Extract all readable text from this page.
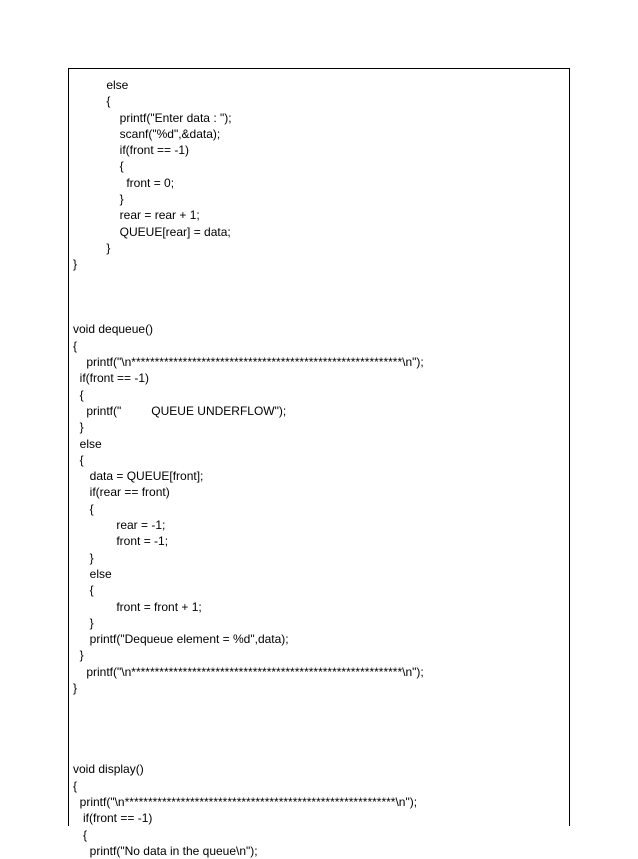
else
{
printf("Enter data : ");
scanf("%d",&data);
if(front == -1)
{
front = 0;
}
rear = rear + 1;
QUEUE[rear] = data;
}
}
void dequeue()
{
printf("\n**********************************************************\n");
if(front == -1)
{
printf("         QUEUE UNDERFLOW");
}
else
{
data = QUEUE[front];
if(rear == front)
{
rear = -1;
front = -1;
}
else
{
front = front + 1;
}
printf("Dequeue element = %d",data);
}
printf("\n**********************************************************\n");
}
void display()
{
printf("\n**********************************************************\n");
if(front == -1)
{
printf("No data in the queue\n");
